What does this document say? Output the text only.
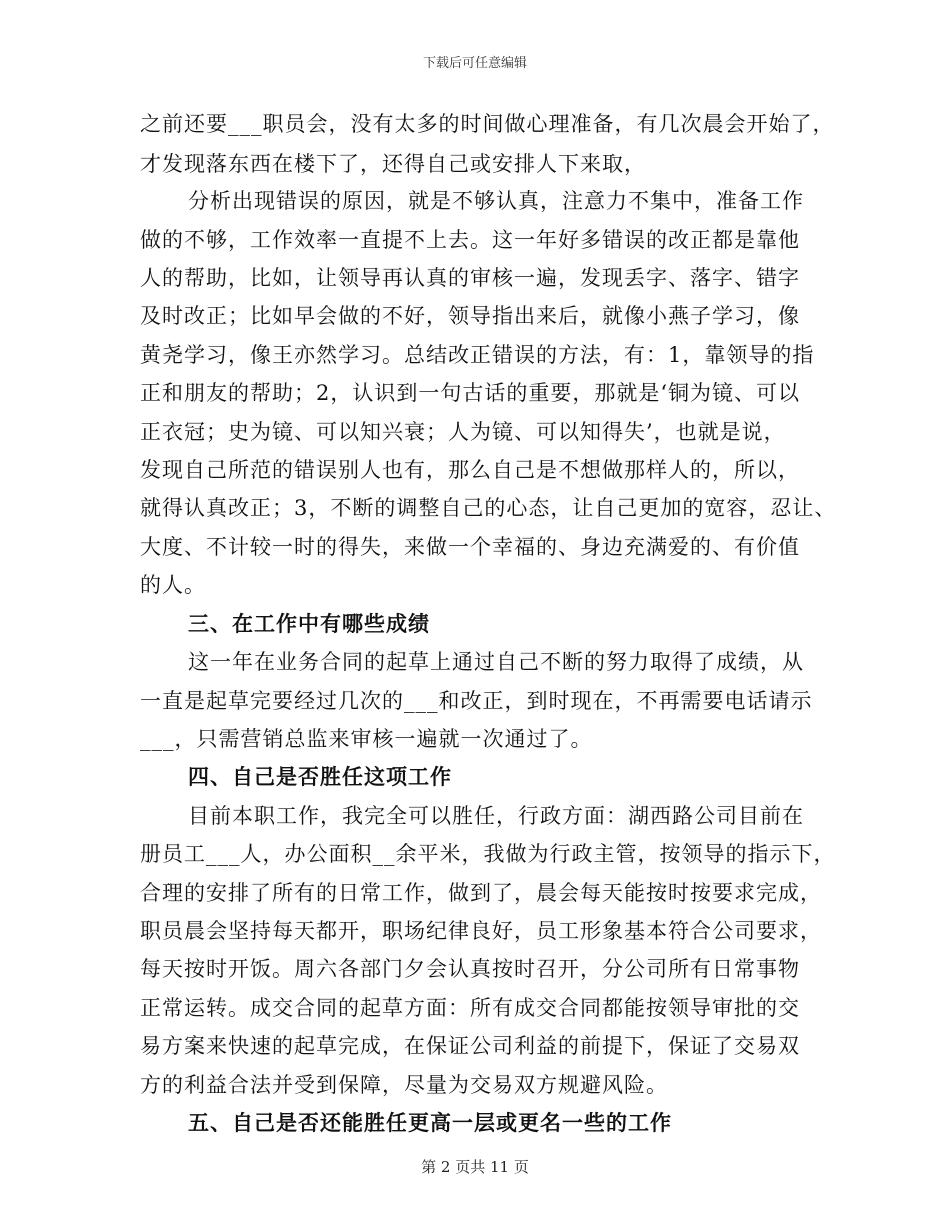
下载后可任意编辑
之前还要___职员会，没有太多的时间做心理准备，有几次晨会开始了，
才发现落东西在楼下了，还得自己或安排人下来取，
分析出现错误的原因，就是不够认真，注意力不集中，准备工作
做的不够，工作效率一直提不上去。这一年好多错误的改正都是靠他
人的帮助，比如，让领导再认真的审核一遍，发现丢字、落字、错字
及时改正；比如早会做的不好，领导指出来后，就像小燕子学习，像
黄尧学习，像王亦然学习。总结改正错误的方法，有：1，靠领导的指
正和朋友的帮助；2，认识到一句古话的重要，那就是‘铜为镜、可以
正衣冠；史为镜、可以知兴衰；人为镜、可以知得失’，也就是说，
发现自己所范的错误别人也有，那么自己是不想做那样人的，所以，
就得认真改正；3，不断的调整自己的心态，让自己更加的宽容，忍让、
大度、不计较一时的得失，来做一个幸福的、身边充满爱的、有价值
的人。
三、在工作中有哪些成绩
这一年在业务合同的起草上通过自己不断的努力取得了成绩，从
一直是起草完要经过几次的___和改正，到时现在，不再需要电话请示
___，只需营销总监来审核一遍就一次通过了。
四、自己是否胜任这项工作
目前本职工作，我完全可以胜任，行政方面：湖西路公司目前在
册员工___人，办公面积__余平米，我做为行政主管，按领导的指示下，
合理的安排了所有的日常工作，做到了，晨会每天能按时按要求完成，
职员晨会坚持每天都开，职场纪律良好，员工形象基本符合公司要求，
每天按时开饭。周六各部门夕会认真按时召开，分公司所有日常事物
正常运转。成交合同的起草方面：所有成交合同都能按领导审批的交
易方案来快速的起草完成，在保证公司利益的前提下，保证了交易双
方的利益合法并受到保障，尽量为交易双方规避风险。
五、自己是否还能胜任更高一层或更名一些的工作
第 2 页共 11 页
